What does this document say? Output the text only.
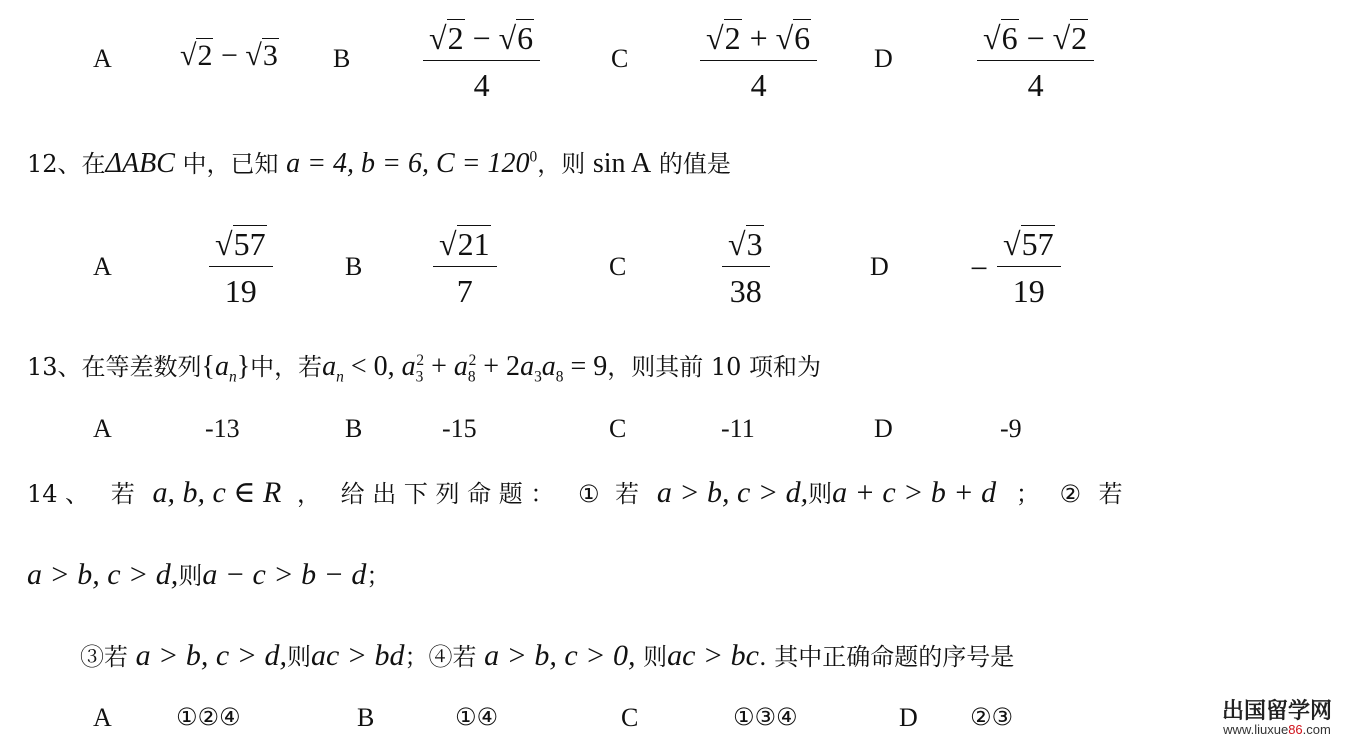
A √2 − √3 B $\frac{√2 - √6}{4}$	C $\frac{√2 + √6}{4}$ D	$\frac{√6 - √2}{4}$
12、在ΔABC 中，已知 a = 4, b = 6, $C = 120^0$，则 sin A 的值是
A	$\frac{√57}{19}$	B $\frac{√21}{7}$	C	$\frac{√3}{38}$	D	− $\frac{√57}{19}$
13、在等差数列$\{a_n\}$中，若$a_n < 0$, $a_3^2 + a_8^2 + 2a_3a_8 = 9$，则其前 10 项和为
A	-13	B	-15	C	-11	D	-9
14 、 若 a, b, c ∈ R ， 给 出 下 列 命 题 ： ① 若 a > b, c > d,则a + c > b + d ； ② 若
a > b, c > d,则a − c > b − d；
③若 a > b, c > d,则ac > bd；④若 a > b, c > 0, 则ac > bc. 其中正确命题的序号是
A	①②④	B	①④	C	①③④	D ②③	出国留学网
www.liuxue86.com
